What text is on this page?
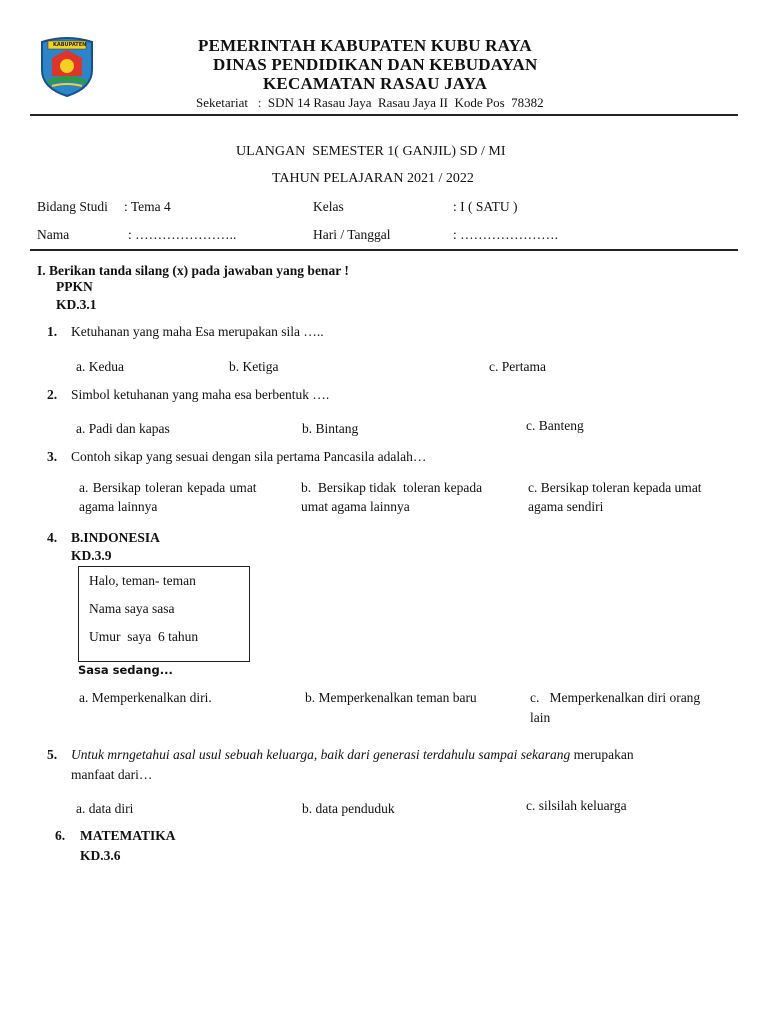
KABUPATEN	PEMERINTAH KABUPATEN KUBU RAYA
DINAS PENDIDIKAN DAN KEBUDAYAN
KECAMATAN RASAU JAYA
Seketariat   :  SDN 14 Rasau Jaya  Rasau Jaya II  Kode Pos  78382
ULANGAN  SEMESTER 1( GANJIL) SD / MI
TAHUN PELAJARAN 2021 / 2022
Bidang Studi : Tema 4	Kelas	: I ( SATU )
Nama	: …………………..	Hari / Tanggal	: ………………….
I. Berikan tanda silang (x) pada jawaban yang benar !
PPKN
KD.3.1
1. Ketuhanan yang maha Esa merupakan sila …..
a. Kedua	b. Ketiga	c. Pertama
2. Simbol ketuhanan yang maha esa berbentuk ….
a. Padi dan kapas	b. Bintang	c. Banteng
3. Contoh sikap yang sesuai dengan sila pertama Pancasila adalah…
a. Bersikap toleran kepada umat
agama lainnya
b.  Bersikap tidak  toleran kepada
umat agama lainnya
c. Bersikap toleran kepada umat
agama sendiri
4. B.INDONESIA
KD.3.9
Halo, teman- teman
Nama saya sasa
Umur  saya  6 tahun
Sasa sedang...
a. Memperkenalkan diri.	b. Memperkenalkan teman baru	c.   Memperkenalkan diri orang
lain
5. Untuk mrngetahui asal usul sebuah keluarga, baik dari generasi terdahulu sampai sekarang merupakan
manfaat dari…
a. data diri	b. data penduduk	c. silsilah keluarga
6. MATEMATIKA
KD.3.6
